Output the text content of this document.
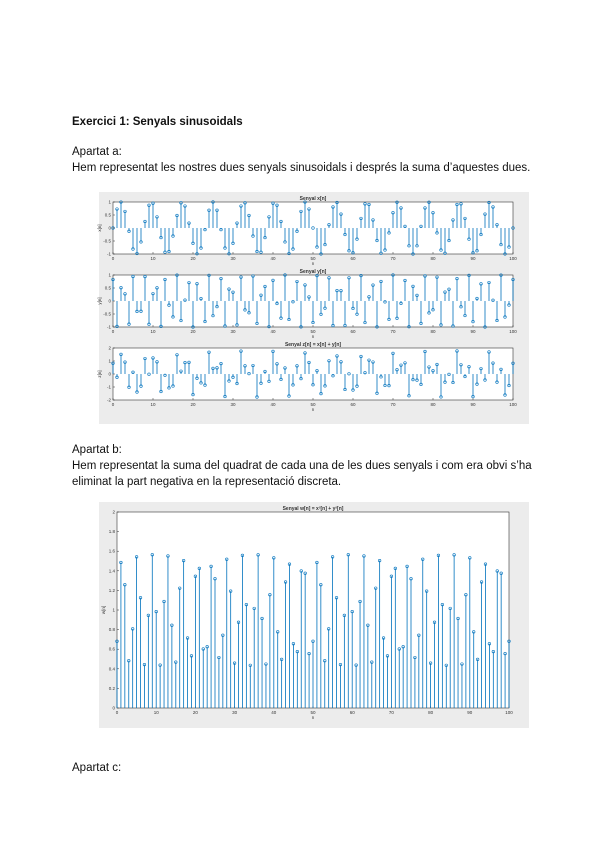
Exercici 1: Senyals sinusoidals
Apartat a:
Hem representat les nostres dues senyals sinusoidals i després la suma d’aquestes dues.
Senyal x[n]
0	10	20	30	40	50	60	70	80	90	100
n
-1
-0.5
0
0.5
1
x[n]
Senyal y[n]
0	10	20	30	40	50	60	70	80	90	100
n
-1
-0.5
0
0.5
1
y[n]
Senyal z[n] = x[n] + y[n]
0	10	20	30	40	50	60	70	80	90	100
n
-2
-1
0
1
2
z[n]
Apartat b:
Hem representat la suma del quadrat de cada una de les dues senyals i com era obvi s’ha eliminat la part negativa en la representació discreta.
Senyal w[n] = x²[n] + y²[n]
0	10	20	30	40	50	60	70	80	90	100
n
0
0.2
0.4
0.6
0.8
1
1.2
1.4
1.6
1.8
2
w[n]
Apartat c:
